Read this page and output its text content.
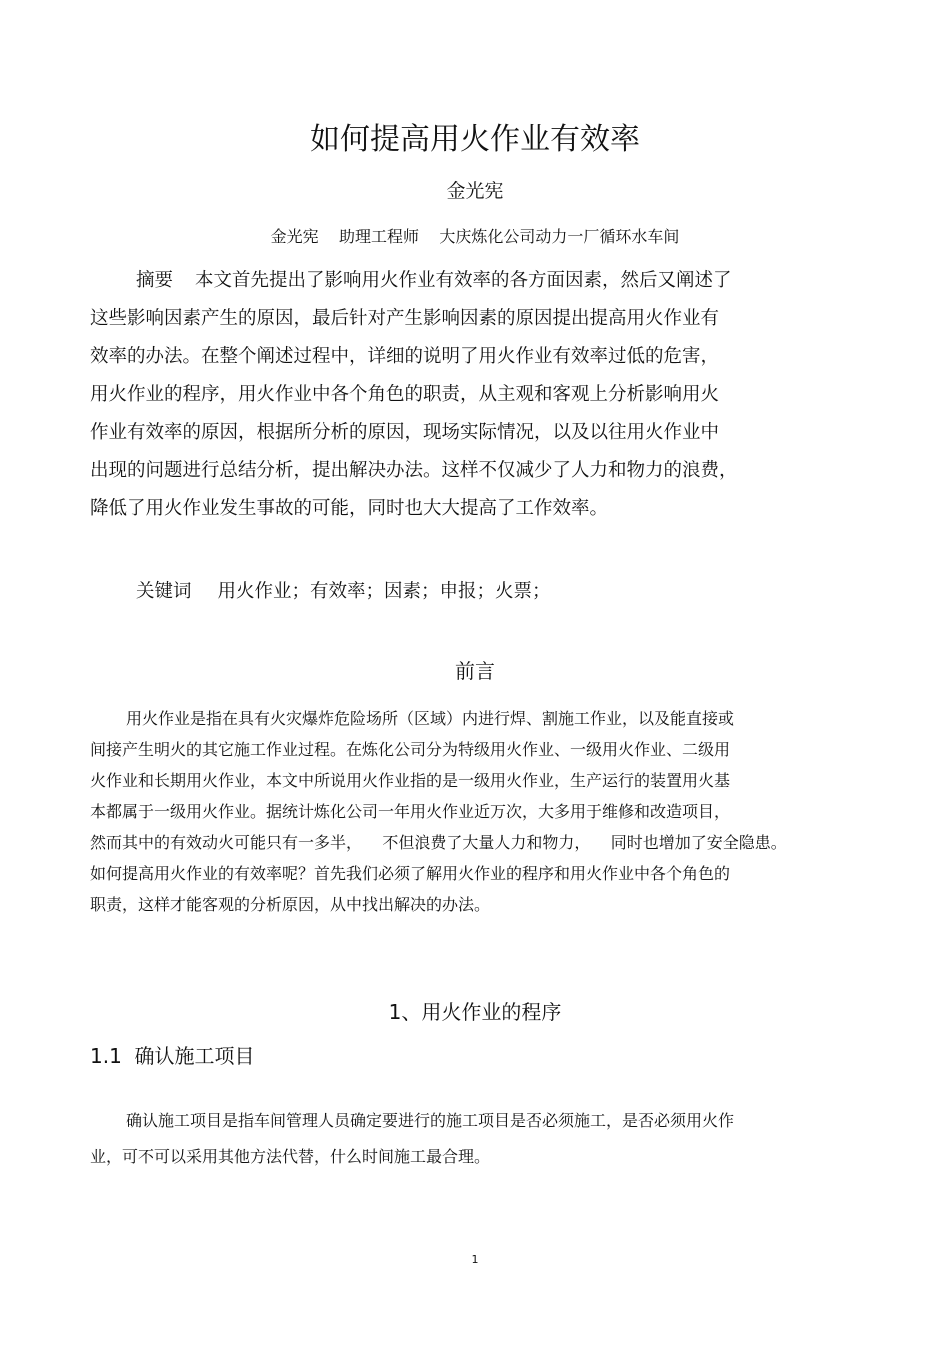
如何提高用火作业有效率
金光宪
金光宪    助理工程师    大庆炼化公司动力一厂循环水车间
摘要 本文首先提出了影响用火作业有效率的各方面因素，然后又阐述了
这些影响因素产生的原因，最后针对产生影响因素的原因提出提高用火作业有
效率的办法。在整个阐述过程中，详细的说明了用火作业有效率过低的危害，
用火作业的程序，用火作业中各个角色的职责，从主观和客观上分析影响用火
作业有效率的原因，根据所分析的原因，现场实际情况，以及以往用火作业中
出现的问题进行总结分析，提出解决办法。这样不仅减少了人力和物力的浪费，
降低了用火作业发生事故的可能，同时也大大提高了工作效率。
关键词 用火作业；有效率；因素；申报；火票；
前言
用火作业是指在具有火灾爆炸危险场所（区域）内进行焊、割施工作业，以及能直接或
间接产生明火的其它施工作业过程。在炼化公司分为特级用火作业、一级用火作业、二级用
火作业和长期用火作业，本文中所说用火作业指的是一级用火作业，生产运行的装置用火基
本都属于一级用火作业。据统计炼化公司一年用火作业近万次，大多用于维修和改造项目，
然而其中的有效动火可能只有一多半，    不但浪费了大量人力和物力，    同时也增加了安全隐患。
如何提高用火作业的有效率呢？首先我们必须了解用火作业的程序和用火作业中各个角色的
职责，这样才能客观的分析原因，从中找出解决的办法。
1、用火作业的程序
1.1  确认施工项目
确认施工项目是指车间管理人员确定要进行的施工项目是否必须施工，是否必须用火作
业，可不可以采用其他方法代替，什么时间施工最合理。
1
